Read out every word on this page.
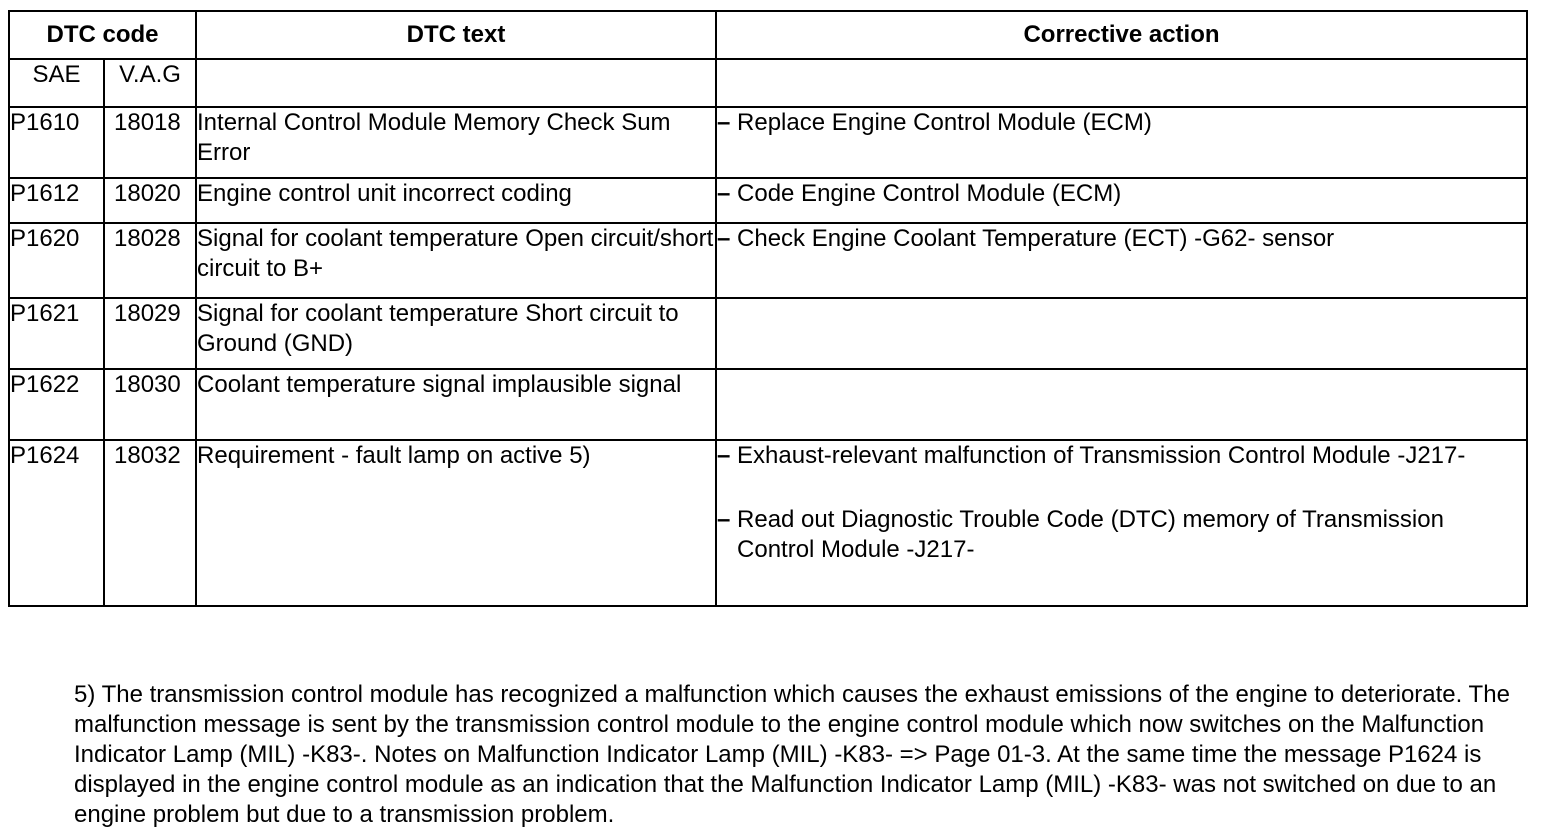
DTC code		DTC text	Corrective action
SAE	V.A.G		
P1610	18018	Internal Control Module Memory Check Sum Error	– Replace Engine Control Module (ECM)

P1612	18020	Engine control unit incorrect coding	– Code Engine Control Module (ECM)

P1620	18028	Signal for coolant temperature Open circuit/short circuit to B+	– Check Engine Coolant Temperature (ECT) -G62- sensor

P1621	18029	Signal for coolant temperature Short circuit to Ground (GND)	
P1622	18030	Coolant temperature signal implausible signal	
P1624	18032	Requirement - fault lamp on active 5)	– Exhaust-relevant malfunction of Transmission Control Module -J217-
– Read out Diagnostic Trouble Code (DTC) memory of Transmission Control Module -J217-
5) The transmission control module has recognized a malfunction which causes the exhaust emissions of the engine to deteriorate. The malfunction message is sent by the transmission control module to the engine control module which now switches on the Malfunction Indicator Lamp (MIL) -K83-. Notes on Malfunction Indicator Lamp (MIL) -K83- => Page 01-3. At the same time the message P1624 is displayed in the engine control module as an indication that the Malfunction Indicator Lamp (MIL) -K83- was not switched on due to an engine problem but due to a transmission problem.
